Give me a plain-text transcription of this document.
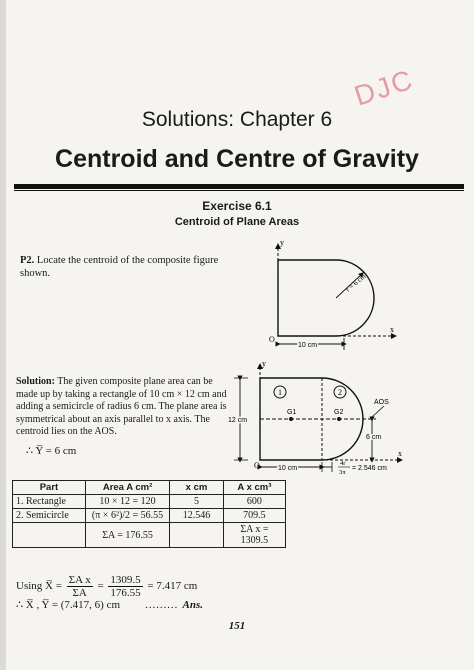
DJC
Solutions: Chapter 6
Centroid and Centre of Gravity
Exercise 6.1
Centroid of Plane Areas
P2. Locate the centroid of the composite figure shown.
y
x
O
r = 6 cm
10 cm
Solution: The given composite plane area can be made up by taking a rectangle of 10 cm × 12 cm and adding a semicircle of radius 6 cm. The plane area is symmetrical about an axis parallel to x axis. The centroid lies on the AOS.
∴ Y̅ = 6 cm
1	2
G1	G2
AOS
12 cm
6 cm
O
x
y
10 cm
4r
3π
= 2.546 cm
Part	Area A cm²	x cm	A x cm³
1. Rectangle	10 × 12 = 120	5	600
2. Semicircle	(π × 6²)/2 = 56.55	12.546	709.5
	ΣA = 176.55		ΣA x = 1309.5
Using X̅ = $\frac{\text{ΣA x}}{\Sigma A} = \frac{1309.5}{176.55} = 7.417$ cm
∴ X̅ , Y̅ = (7.417, 6) cm ……… Ans.
151
